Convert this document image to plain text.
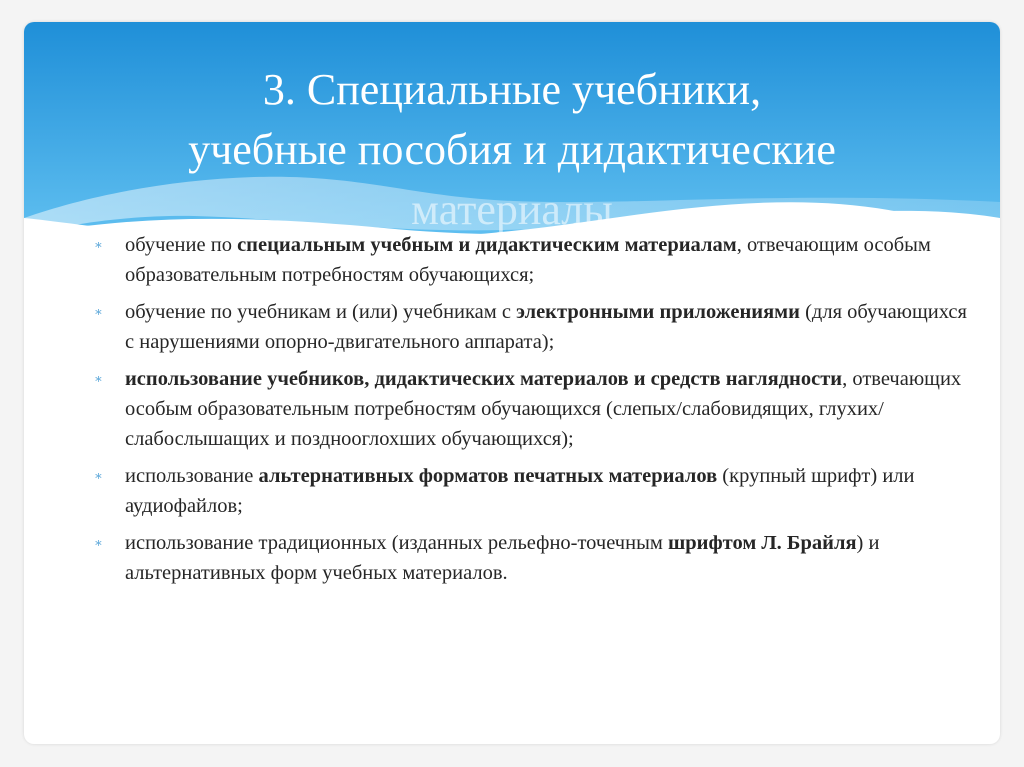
3. Специальные учебники,
учебные пособия и дидактические
материалы
∗ обучение по специальным учебным и дидактическим материалам, отвечающим особым образовательным потребностям обучающихся;
∗ обучение по учебникам и (или) учебникам с электронными приложениями (для обучающихся с нарушениями опорно-двигательного аппарата);
∗ использование учебников, дидактических материалов и средств наглядности, отвечающих особым образовательным потребностям обучающихся (слепых/слабовидящих, глухих/слабослышащих и позднооглохших обучающихся);
∗ использование альтернативных форматов печатных материалов (крупный шрифт) или аудиофайлов;
∗ использование традиционных (изданных рельефно-точечным шрифтом Л. Брайля) и альтернативных форм учебных материалов.
